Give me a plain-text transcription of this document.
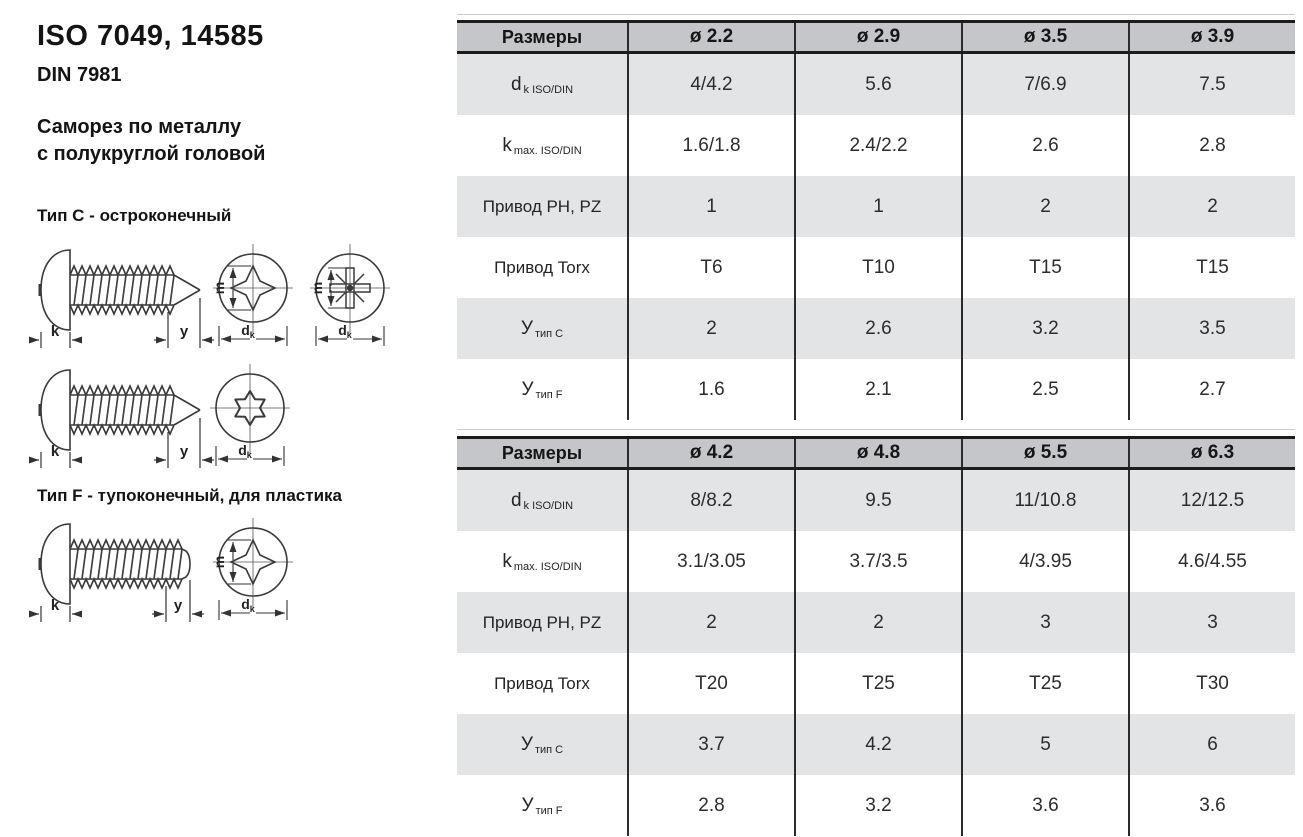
ISO 7049, 14585
DIN 7981
Саморез по металлу
с полукруглой головой
Тип C - остроконечный
Тип F - тупоконечный, для пластика
k	y
m
$d_k$
m
$d_k$
k	y	$d_k$
k	y
m
$d_k$
Размеры	ø 2.2	ø 2.9	ø 3.5	ø 3.9
d k ISO/DIN	4/4.2	5.6	7/6.9	7.5
k max. ISO/DIN	1.6/1.8	2.4/2.2	2.6	2.8
Привод PH, PZ	1	1	2	2
Привод Torx	T6	T10	T15	T15
У тип C	2	2.6	3.2	3.5
У тип F	1.6	2.1	2.5	2.7
Размеры	ø 4.2	ø 4.8	ø 5.5	ø 6.3
d k ISO/DIN	8/8.2	9.5	11/10.8	12/12.5
k max. ISO/DIN	3.1/3.05	3.7/3.5	4/3.95	4.6/4.55
Привод PH, PZ	2	2	3	3
Привод Torx	T20	T25	T25	T30
У тип C	3.7	4.2	5	6
У тип F	2.8	3.2	3.6	3.6
